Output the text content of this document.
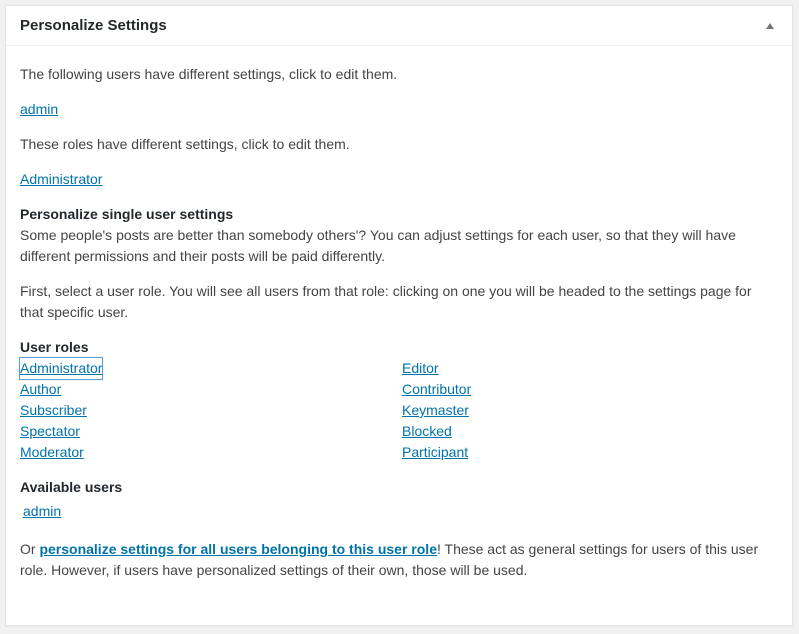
Personalize Settings

The following users have different settings, click to edit them.

admin

These roles have different settings, click to edit them.

Administrator

Personalize single user settings

Some people's posts are better than somebody others'? You can adjust settings for each user, so that they will have different permissions and their posts will be paid differently.

First, select a user role. You will see all users from that role: clicking on one you will be headed to the settings page for that specific user.

User roles

Administrator	Editor
Author	Contributor
Subscriber	Keymaster
Spectator	Blocked
Moderator	Participant

Available users

admin

Or personalize settings for all users belonging to this user role! These act as general settings for users of this user role. However, if users have personalized settings of their own, those will be used.
